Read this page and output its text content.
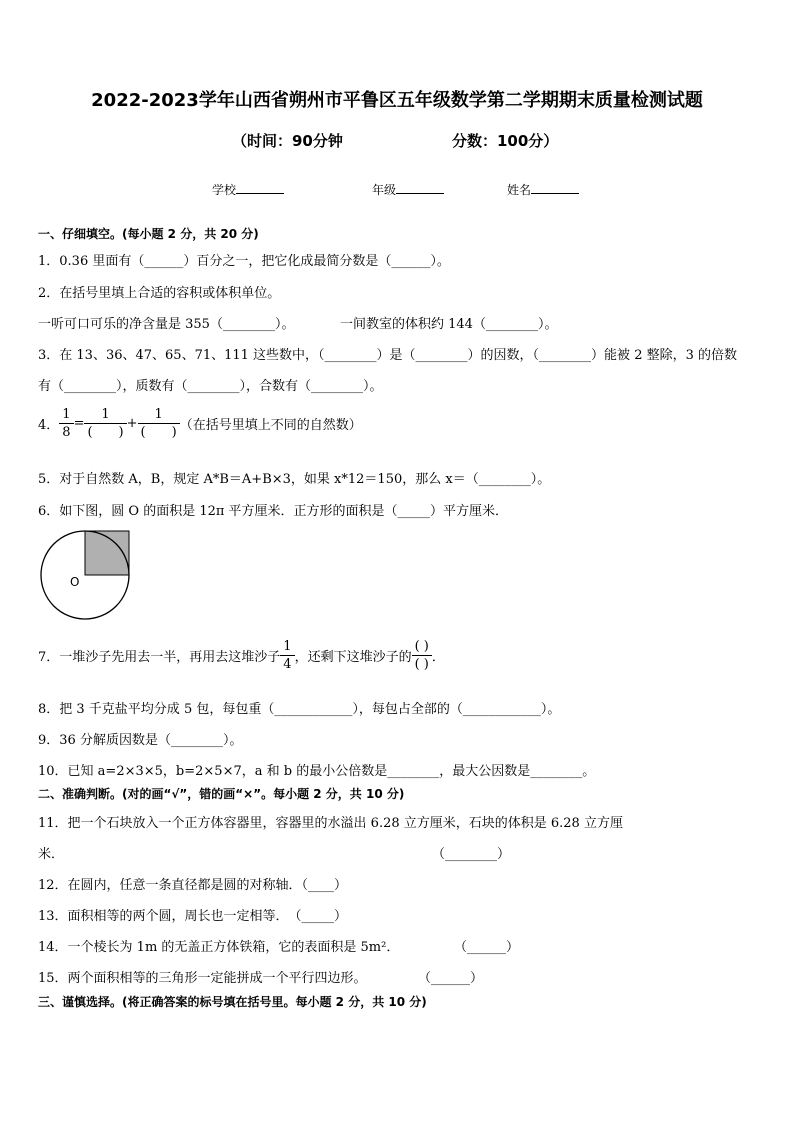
2022-2023学年山西省朔州市平鲁区五年级数学第二学期期末质量检测试题
（时间：90分钟	分数：100分）
学校	年级	姓名
一、仔细填空。(每小题 2 分，共 20 分)
1．0.36 里面有（______）百分之一，把它化成最简分数是（______）。
2．在括号里填上合适的容积或体积单位。
一听可口可乐的净含量是 355（________）。	一间教室的体积约 144（________）。
3．在 13、36、47、65、71、111 这些数中，（________）是（________）的因数，（________）能被 2 整除，3 的倍数
有（________），质数有（________），合数有（________）。
4． $\frac{1}{8} = \frac{1}{( )} + \frac{1}{( )}$ （在括号里填上不同的自然数）
5．对于自然数 A，B，规定 A*B＝A+B×3，如果 x*12＝150，那么 x＝（________）。
6．如下图，圆 O 的面积是 12π 平方厘米．正方形的面积是（_____）平方厘米．
O
7．一堆沙子先用去一半，再用去这堆沙子 $\frac{1}{4}$ ，还剩下这堆沙子的 $\frac{( )}{( )}$ ．
8．把 3 千克盐平均分成 5 包，每包重（____________），每包占全部的（____________）。
9．36 分解质因数是（________）。
10．已知 a=2×3×5，b=2×5×7，a 和 b 的最小公倍数是________，最大公因数是________。
二、准确判断。(对的画“√”，错的画“×”。每小题 2 分，共 10 分)
11．把一个石块放入一个正方体容器里，容器里的水溢出 6.28 立方厘米，石块的体积是 6.28 立方厘
米．	（________）
12．在圆内，任意一条直径都是圆的对称轴．（____）
13．面积相等的两个圆，周长也一定相等．　（_____）
14．一个棱长为 1m 的无盖正方体铁箱，它的表面积是 5m²．	（______）
15．两个面积相等的三角形一定能拼成一个平行四边形。	（______）
三、谨慎选择。(将正确答案的标号填在括号里。每小题 2 分，共 10 分)
